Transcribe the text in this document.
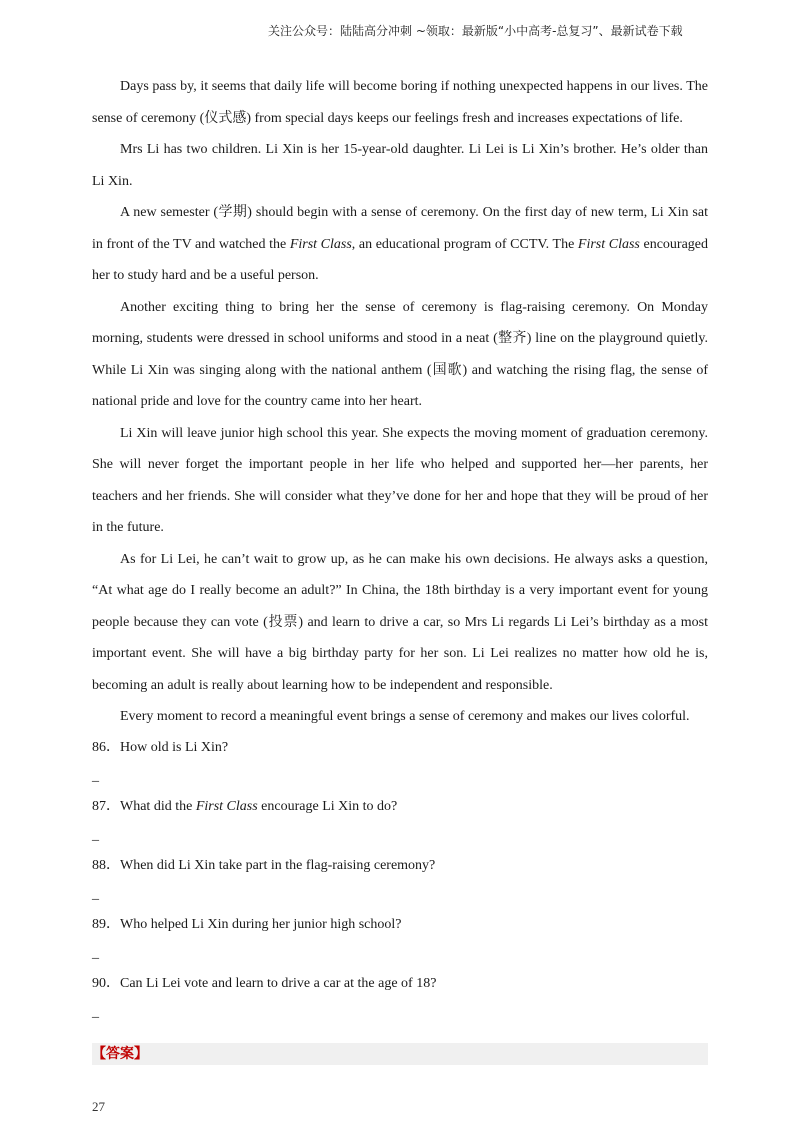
关注公众号：陆陆高分冲刺 ~领取：最新版“小中高考-总复习”、最新试卷下载

Days pass by, it seems that daily life will become boring if nothing unexpected happens in our lives. The sense of ceremony (仪式感) from special days keeps our feelings fresh and increases expectations of life.

Mrs Li has two children. Li Xin is her 15-year-old daughter. Li Lei is Li Xin’s brother. He’s older than Li Xin.

A new semester (学期) should begin with a sense of ceremony. On the first day of new term, Li Xin sat in front of the TV and watched the First Class, an educational program of CCTV. The First Class encouraged her to study hard and be a useful person.

Another exciting thing to bring her the sense of ceremony is flag-raising ceremony. On Monday morning, students were dressed in school uniforms and stood in a neat (整齐) line on the playground quietly. While Li Xin was singing along with the national anthem (国歌) and watching the rising flag, the sense of national pride and love for the country came into her heart.

Li Xin will leave junior high school this year. She expects the moving moment of graduation ceremony. She will never forget the important people in her life who helped and supported her—her parents, her teachers and her friends. She will consider what they’ve done for her and hope that they will be proud of her in the future.

As for Li Lei, he can’t wait to grow up, as he can make his own decisions. He always asks a question, “At what age do I really become an adult?” In China, the 18th birthday is a very important event for young people because they can vote (投票) and learn to drive a car, so Mrs Li regards Li Lei’s birthday as a most important event. She will have a big birthday party for her son. Li Lei realizes no matter how old he is, becoming an adult is really about learning how to be independent and responsible.

Every moment to record a meaningful event brings a sense of ceremony and makes our lives colorful.

86．How old is Li Xin?

_

87．What did the First Class encourage Li Xin to do?

_

88．When did Li Xin take part in the flag-raising ceremony?

_

89．Who helped Li Xin during her junior high school?

_

90．Can Li Lei vote and learn to drive a car at the age of 18?

_

【答案】
27
